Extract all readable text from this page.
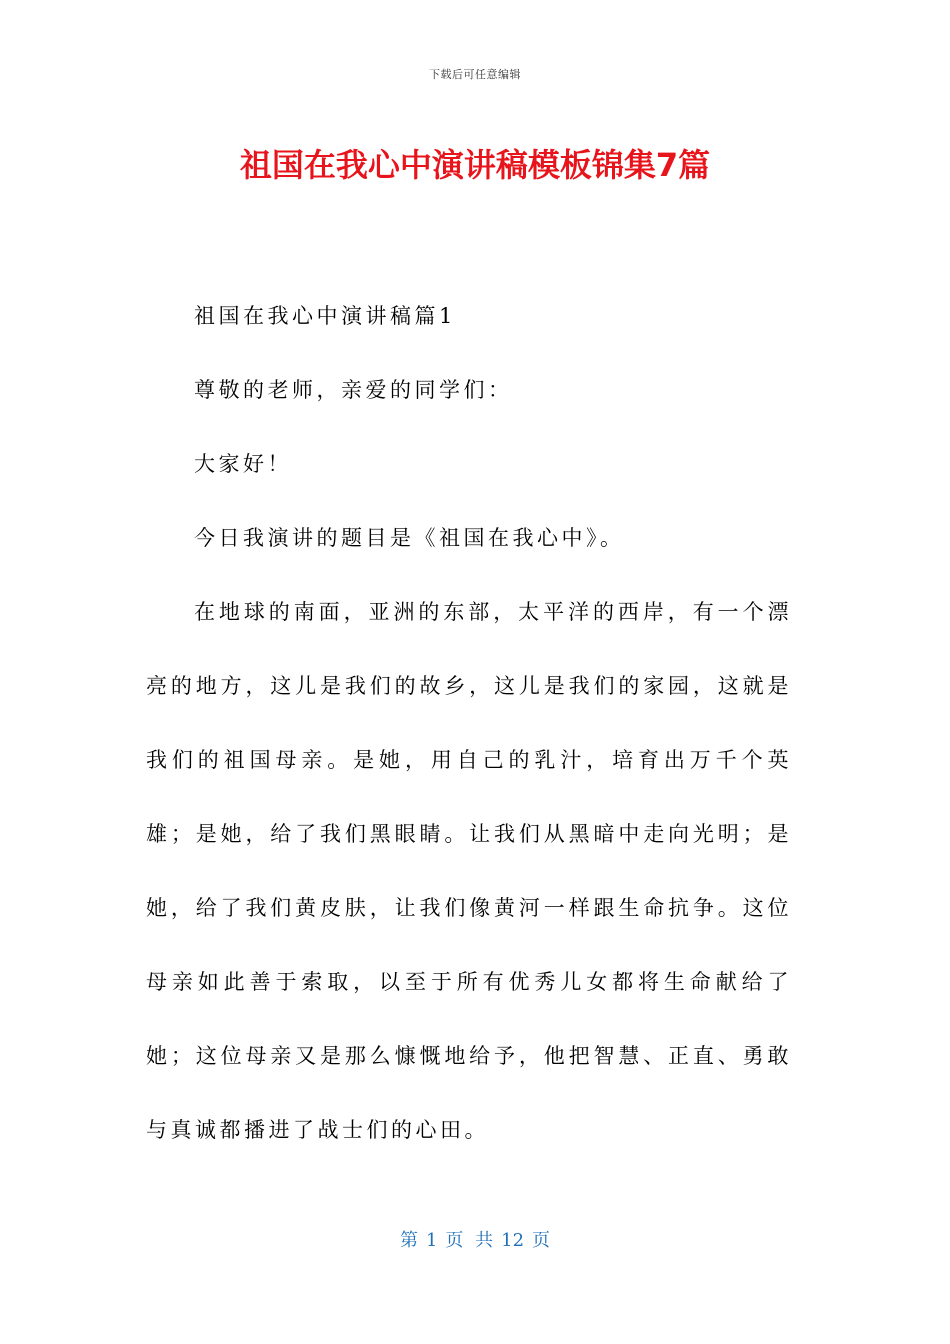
下载后可任意编辑
祖国在我心中演讲稿模板锦集7篇

祖国在我心中演讲稿篇1

尊敬的老师，亲爱的同学们：

大家好！

今日我演讲的题目是《祖国在我心中》。

在地球的南面，亚洲的东部，太平洋的西岸，有一个漂亮的地方，这儿是我们的故乡，这儿是我们的家园，这就是我们的祖国母亲。是她，用自己的乳汁，培育出万千个英雄；是她，给了我们黑眼睛。让我们从黑暗中走向光明；是她，给了我们黄皮肤，让我们像黄河一样跟生命抗争。这位母亲如此善于索取，以至于所有优秀儿女都将生命献给了她；这位母亲又是那么慷慨地给予，他把智慧、正直、勇敢与真诚都播进了战士们的心田。

第 1 页 共 12 页
